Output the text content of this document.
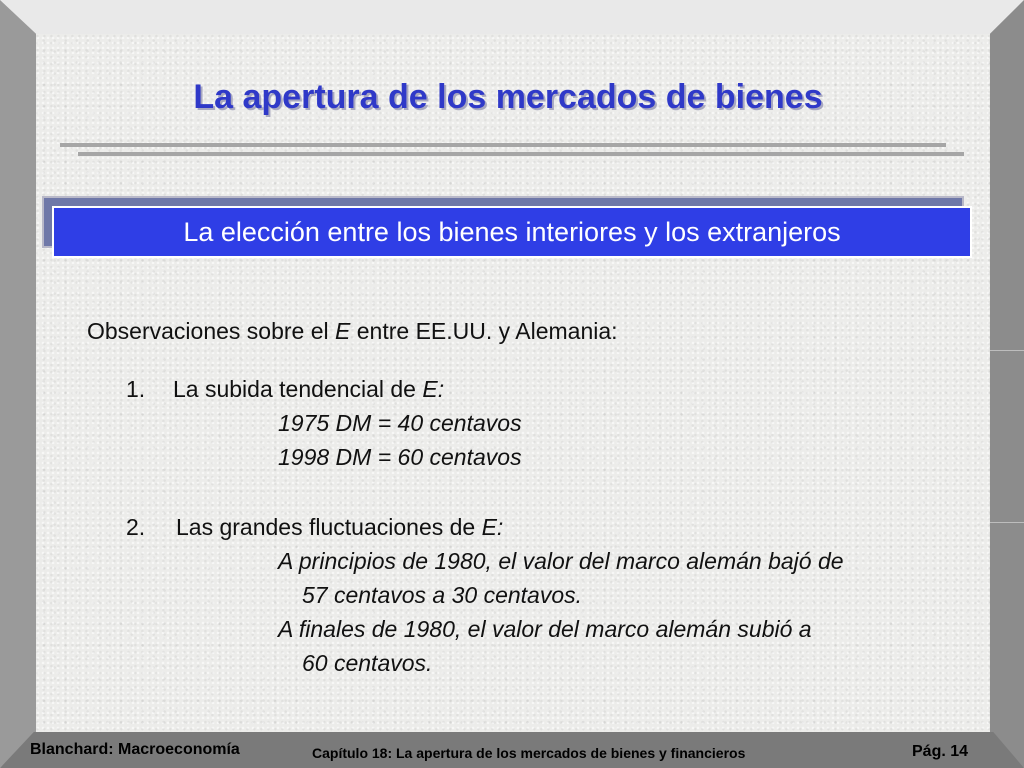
La apertura de los mercados de bienes
La elección entre los bienes interiores y los extranjeros
Observaciones sobre el E entre EE.UU. y Alemania:
1. La subida tendencial de E:
1975 DM = 40 centavos
1998 DM = 60 centavos
2. Las grandes fluctuaciones de E:
A principios de 1980, el valor del marco alemán bajó de
57 centavos a 30 centavos.
A finales de 1980, el valor del marco alemán subió a
60 centavos.
Blanchard: Macroeconomía	Capítulo 18: La apertura de los mercados de bienes y financieros	Pág. 14
